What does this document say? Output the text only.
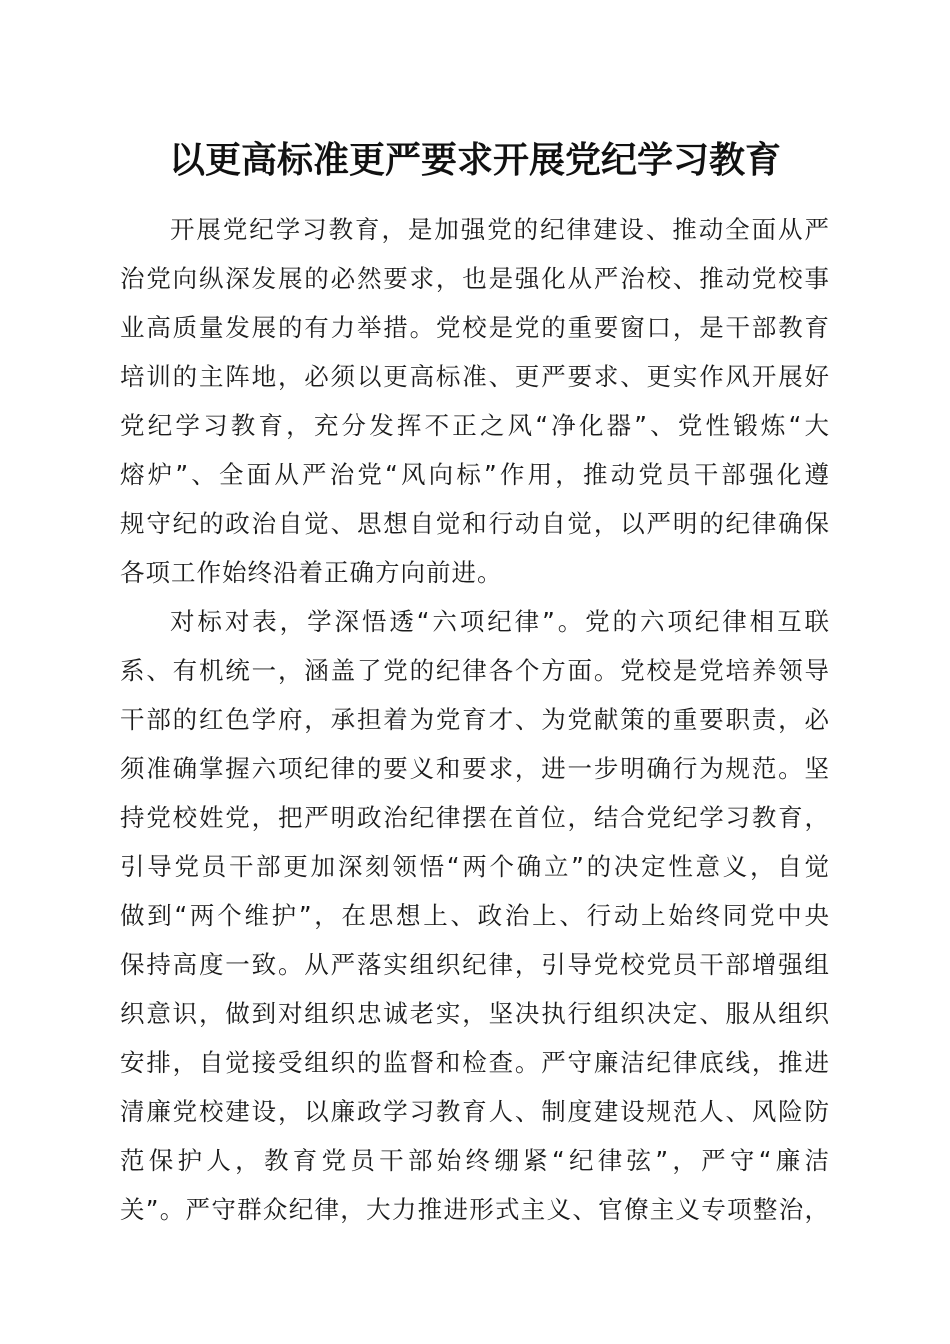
以更高标准更严要求开展党纪学习教育
开展党纪学习教育，是加强党的纪律建设、推动全面从严
治党向纵深发展的必然要求，也是强化从严治校、推动党校事
业高质量发展的有力举措。党校是党的重要窗口，是干部教育
培训的主阵地，必须以更高标准、更严要求、更实作风开展好
党纪学习教育，充分发挥不正之风“净化器”、党性锻炼“大
熔炉”、全面从严治党“风向标”作用，推动党员干部强化遵
规守纪的政治自觉、思想自觉和行动自觉，以严明的纪律确保
各项工作始终沿着正确方向前进。
对标对表，学深悟透“六项纪律”。党的六项纪律相互联
系、有机统一，涵盖了党的纪律各个方面。党校是党培养领导
干部的红色学府，承担着为党育才、为党献策的重要职责，必
须准确掌握六项纪律的要义和要求，进一步明确行为规范。坚
持党校姓党，把严明政治纪律摆在首位，结合党纪学习教育，
引导党员干部更加深刻领悟“两个确立”的决定性意义，自觉
做到“两个维护”，在思想上、政治上、行动上始终同党中央
保持高度一致。从严落实组织纪律，引导党校党员干部增强组
织意识，做到对组织忠诚老实，坚决执行组织决定、服从组织
安排，自觉接受组织的监督和检查。严守廉洁纪律底线，推进
清廉党校建设，以廉政学习教育人、制度建设规范人、风险防
范保护人，教育党员干部始终绷紧“纪律弦”，严守“廉洁
关”。严守群众纪律，大力推进形式主义、官僚主义专项整治，
